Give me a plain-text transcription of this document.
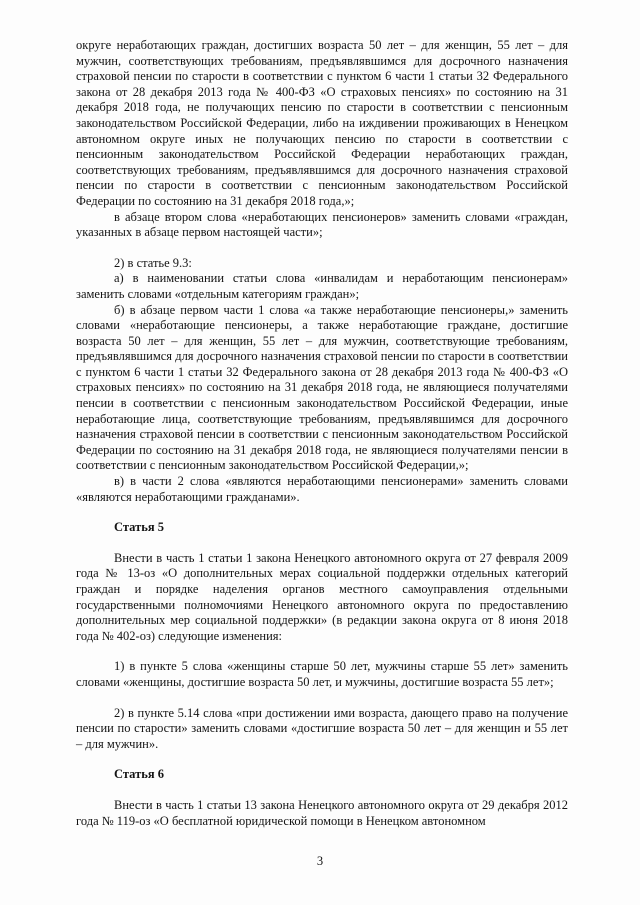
округе неработающих граждан, достигших возраста 50 лет – для женщин, 55 лет – для мужчин, соответствующих требованиям, предъявлявшимся для досрочного назначения страховой пенсии по старости в соответствии с пунктом 6 части 1 статьи 32 Федерального закона от 28 декабря 2013 года № 400-ФЗ «О страховых пенсиях» по состоянию на 31 декабря 2018 года, не получающих пенсию по старости в соответствии с пенсионным законодательством Российской Федерации, либо на иждивении проживающих в Ненецком автономном округе иных не получающих пенсию по старости в соответствии с пенсионным законодательством Российской Федерации неработающих граждан, соответствующих требованиям, предъявлявшимся для досрочного назначения страховой пенсии по старости в соответствии с пенсионным законодательством Российской Федерации по состоянию на 31 декабря 2018 года,»;

в абзаце втором слова «неработающих пенсионеров» заменить словами «граждан, указанных в абзаце первом настоящей части»;

2) в статье 9.3:

а) в наименовании статьи слова «инвалидам и неработающим пенсионерам» заменить словами «отдельным категориям граждан»;

б) в абзаце первом части 1 слова «а также неработающие пенсионеры,» заменить словами «неработающие пенсионеры, а также неработающие граждане, достигшие возраста 50 лет – для женщин, 55 лет – для мужчин, соответствующие требованиям, предъявлявшимся для досрочного назначения страховой пенсии по старости в соответствии с пунктом 6 части 1 статьи 32 Федерального закона от 28 декабря 2013 года № 400-ФЗ «О страховых пенсиях» по состоянию на 31 декабря 2018 года, не являющиеся получателями пенсии в соответствии с пенсионным законодательством Российской Федерации, иные неработающие лица, соответствующие требованиям, предъявлявшимся для досрочного назначения страховой пенсии в соответствии с пенсионным законодательством Российской Федерации по состоянию на 31 декабря 2018 года, не являющиеся получателями пенсии в соответствии с пенсионным законодательством Российской Федерации,»;

в) в части 2 слова «являются неработающими пенсионерами» заменить словами «являются неработающими гражданами».

Статья 5

Внести в часть 1 статьи 1 закона Ненецкого автономного округа от 27 февраля 2009 года № 13-оз «О дополнительных мерах социальной поддержки отдельных категорий граждан и порядке наделения органов местного самоуправления отдельными государственными полномочиями Ненецкого автономного округа по предоставлению дополнительных мер социальной поддержки» (в редакции закона округа от 8 июня 2018 года № 402-оз) следующие изменения:

1) в пункте 5 слова «женщины старше 50 лет, мужчины старше 55 лет» заменить словами «женщины, достигшие возраста 50 лет, и мужчины, достигшие возраста 55 лет»;

2) в пункте 5.14 слова «при достижении ими возраста, дающего право на получение пенсии по старости» заменить словами «достигшие возраста 50 лет – для женщин и 55 лет – для мужчин».

Статья 6

Внести в часть 1 статьи 13 закона Ненецкого автономного округа от 29 декабря 2012 года № 119-оз «О бесплатной юридической помощи в Ненецком автономном

3
